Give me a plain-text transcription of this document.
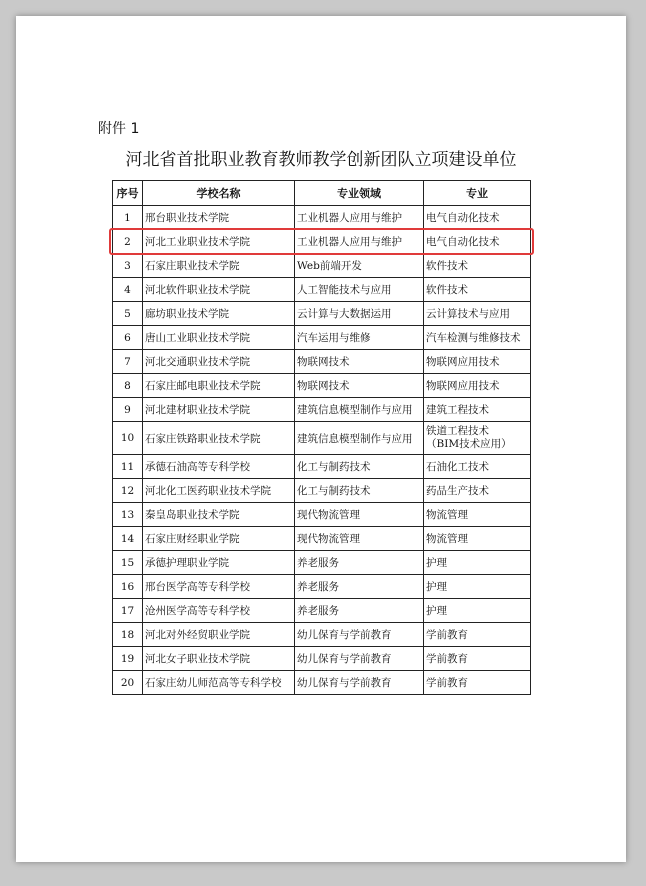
附件 1
河北省首批职业教育教师教学创新团队立项建设单位
序号	学校名称	专业领域	专业
1	邢台职业技术学院	工业机器人应用与维护	电气自动化技术
2	河北工业职业技术学院	工业机器人应用与维护	电气自动化技术
3	石家庄职业技术学院	Web前端开发	软件技术
4	河北软件职业技术学院	人工智能技术与应用	软件技术
5	廊坊职业技术学院	云计算与大数据运用	云计算技术与应用
6	唐山工业职业技术学院	汽车运用与维修	汽车检测与维修技术
7	河北交通职业技术学院	物联网技术	物联网应用技术
8	石家庄邮电职业技术学院	物联网技术	物联网应用技术
9	河北建材职业技术学院	建筑信息模型制作与应用	建筑工程技术
10	石家庄铁路职业技术学院	建筑信息模型制作与应用	铁道工程技术
（BIM技术应用）

11	承德石油高等专科学校	化工与制药技术	石油化工技术
12	河北化工医药职业技术学院	化工与制药技术	药品生产技术
13	秦皇岛职业技术学院	现代物流管理	物流管理
14	石家庄财经职业学院	现代物流管理	物流管理
15	承德护理职业学院	养老服务	护理
16	邢台医学高等专科学校	养老服务	护理
17	沧州医学高等专科学校	养老服务	护理
18	河北对外经贸职业学院	幼儿保育与学前教育	学前教育
19	河北女子职业技术学院	幼儿保育与学前教育	学前教育
20	石家庄幼儿师范高等专科学校	幼儿保育与学前教育	学前教育
